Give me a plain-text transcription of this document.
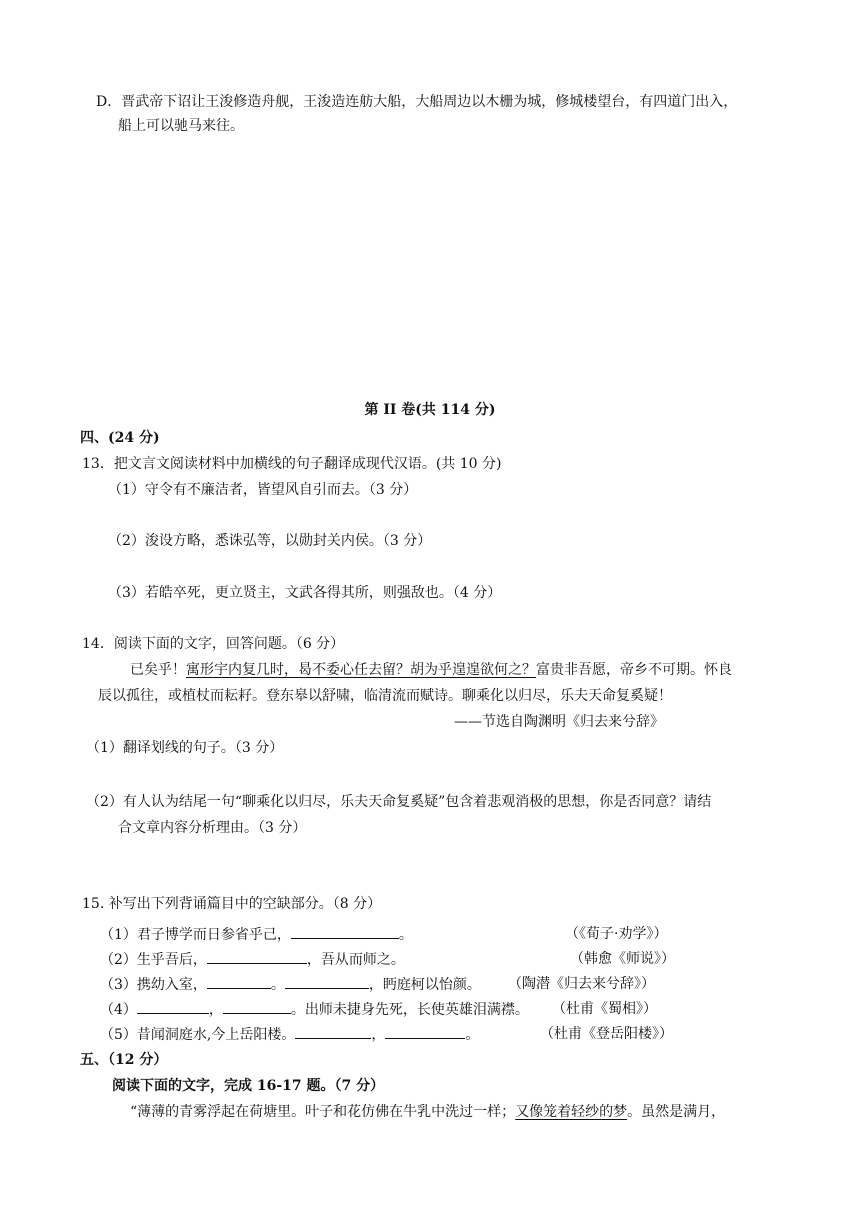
D．晋武帝下诏让王浚修造舟舰，王浚造连舫大船，大船周边以木栅为城，修城楼望台，有四道门出入，
船上可以驰马来往。
第 II 卷(共 114 分)
四、(24 分)
13．把文言文阅读材料中加横线的句子翻译成现代汉语。(共 10 分)
（1）守令有不廉洁者，皆望风自引而去。（3 分）
（2）浚设方略，悉诛弘等，以勋封关内侯。（3 分）
（3）若皓卒死，更立贤主，文武各得其所，则强敌也。（4 分）
14．阅读下面的文字，回答问题。（6 分）
已矣乎！寓形宇内复几时，曷不委心任去留？胡为乎遑遑欲何之？富贵非吾愿，帝乡不可期。怀良
辰以孤往，或植杖而耘耔。登东皋以舒啸，临清流而赋诗。聊乘化以归尽，乐夫天命复奚疑！
——节选自陶渊明《归去来兮辞》
（1）翻译划线的句子。（3 分）
（2）有人认为结尾一句“聊乘化以归尽，乐夫天命复奚疑”包含着悲观消极的思想，你是否同意？请结
合文章内容分析理由。（3 分）
15. 补写出下列背诵篇目中的空缺部分。（8 分）
（1）君子博学而日参省乎己，	。	（《荀子·劝学》）
（2）生乎吾后，	，吾从而师之。	（韩愈《师说》）
（3）携幼入室，	。	，眄庭柯以怡颜。 （陶潜《归去来兮辞》）
（4）	，	。出师未捷身先死，长使英雄泪满襟。 （杜甫《蜀相》）
（5）昔闻洞庭水,今上岳阳楼。	，	。	（杜甫《登岳阳楼》）
五、（12 分）
阅读下面的文字，完成 16-17 题。（7 分）
“薄薄的青雾浮起在荷塘里。叶子和花仿佛在牛乳中洗过一样；又像笼着轻纱的梦。虽然是满月，
